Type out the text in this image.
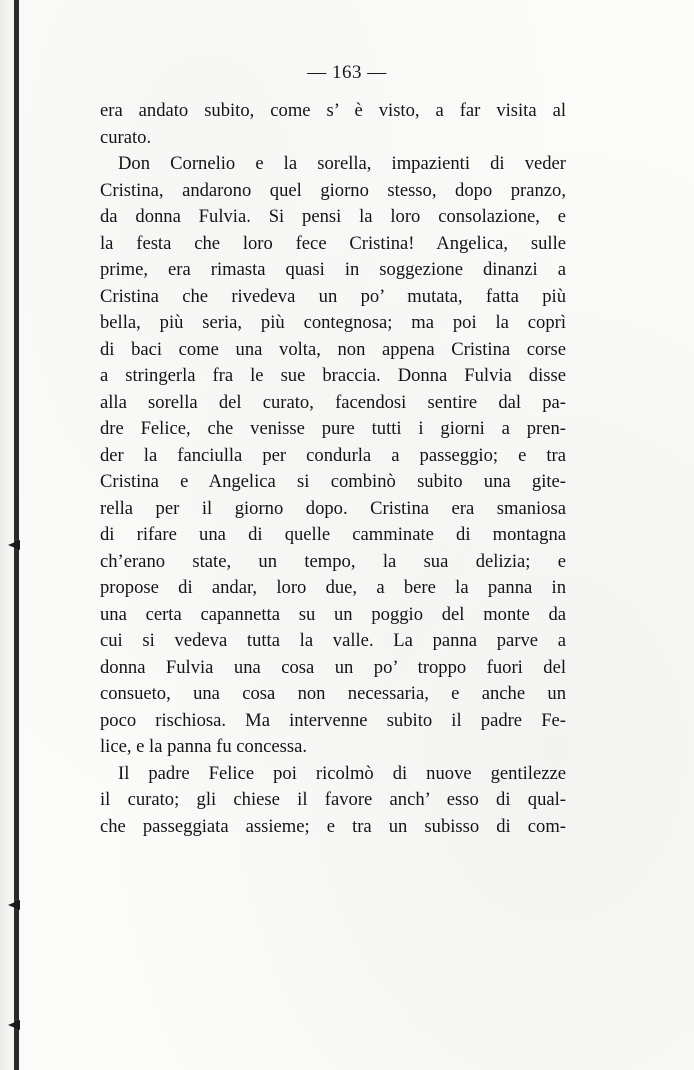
— 163 —
era andato subito, come s’ è visto, a far visita al
curato.
Don Cornelio e la sorella, impazienti di veder
Cristina, andarono quel giorno stesso, dopo pranzo,
da donna Fulvia. Si pensi la loro consolazione, e
la festa che loro fece Cristina! Angelica, sulle
prime, era rimasta quasi in soggezione dinanzi a
Cristina che rivedeva un po’ mutata, fatta più
bella, più seria, più contegnosa; ma poi la coprì
di baci come una volta, non appena Cristina corse
a stringerla fra le sue braccia. Donna Fulvia disse
alla sorella del curato, facendosi sentire dal pa-
dre Felice, che venisse pure tutti i giorni a pren-
der la fanciulla per condurla a passeggio; e tra
Cristina e Angelica si combinò subito una gite-
rella per il giorno dopo. Cristina era smaniosa
di rifare una di quelle camminate di montagna
ch’erano state, un tempo, la sua delizia; e
propose di andar, loro due, a bere la panna in
una certa capannetta su un poggio del monte da
cui si vedeva tutta la valle. La panna parve a
donna Fulvia una cosa un po’ troppo fuori del
consueto, una cosa non necessaria, e anche un
poco rischiosa. Ma intervenne subito il padre Fe-
lice, e la panna fu concessa.
Il padre Felice poi ricolmò di nuove gentilezze
il curato; gli chiese il favore anch’ esso di qual-
che passeggiata assieme; e tra un subisso di com-
